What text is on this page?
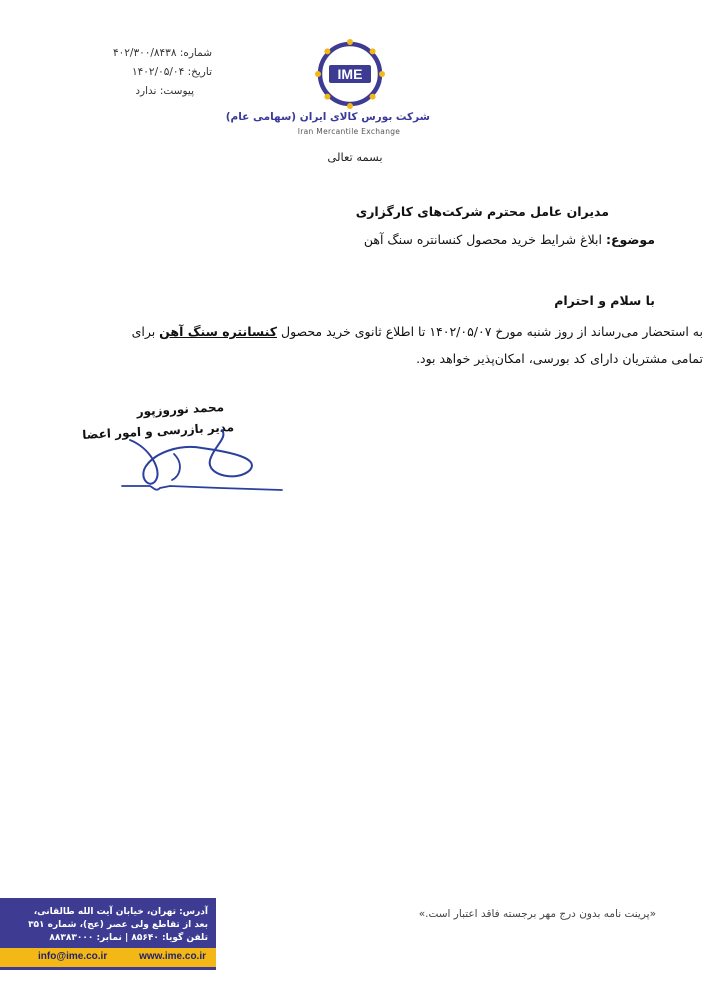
شماره: ۴۰۲/۳۰۰/۸۴۳۸
تاریخ: ۱۴۰۲/۰۵/۰۴
پیوست: ندارد
IME
شرکت بورس کالای ایران (سهامی عام)
Iran Mercantile Exchange
بسمه تعالی
مدیران عامل محترم شرکت‌های کارگزاری
موضوع: ابلاغ شرایط خرید محصول کنسانتره سنگ آهن
با سلام و احترام
به استحضار می‌رساند از روز شنبه مورخ ۱۴۰۲/۰۵/۰۷ تا اطلاع ثانوی خرید محصول کنسانتره سنگ آهن برای
تمامی مشتریان دارای کد بورسی، امکان‌پذیر خواهد بود.
محمد نوروزپور
مدیر بازرسی و امور اعضا
«پرینت نامه بدون درج مهر برجسته فاقد اعتبار است.»
آدرس: تهران، خیابان آیت الله طالقانی،
بعد از تقاطع ولی عصر (عج)، شماره ۳۵۱
تلفن گویا: ۸۵۶۴۰ | نمابر: ۸۸۳۸۳۰۰۰
www.ime.co.ir
info@ime.co.ir
